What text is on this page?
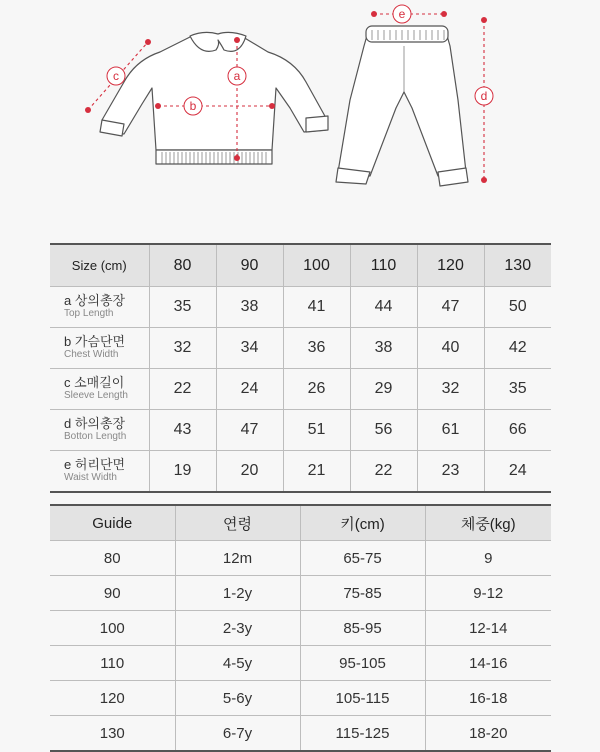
a
b
c
d
e
Size (cm)	80	90	100	110	120	130

a 상의총장
Top Length	35	38	41	44	47	50

b 가슴단면
Chest Width	32	34	36	38	40	42

c 소매길이
Sleeve Length	22	24	26	29	32	35

d 하의총장
Botton Length	43	47	51	56	61	66

e 허리단면
Waist Width	19	20	21	22	23	24
Guide	연령	키(cm)	체중(kg)
80	12m	65-75	9
90	1-2y	75-85	9-12
100	2-3y	85-95	12-14
110	4-5y	95-105	14-16
120	5-6y	105-115	16-18
130	6-7y	115-125	18-20
